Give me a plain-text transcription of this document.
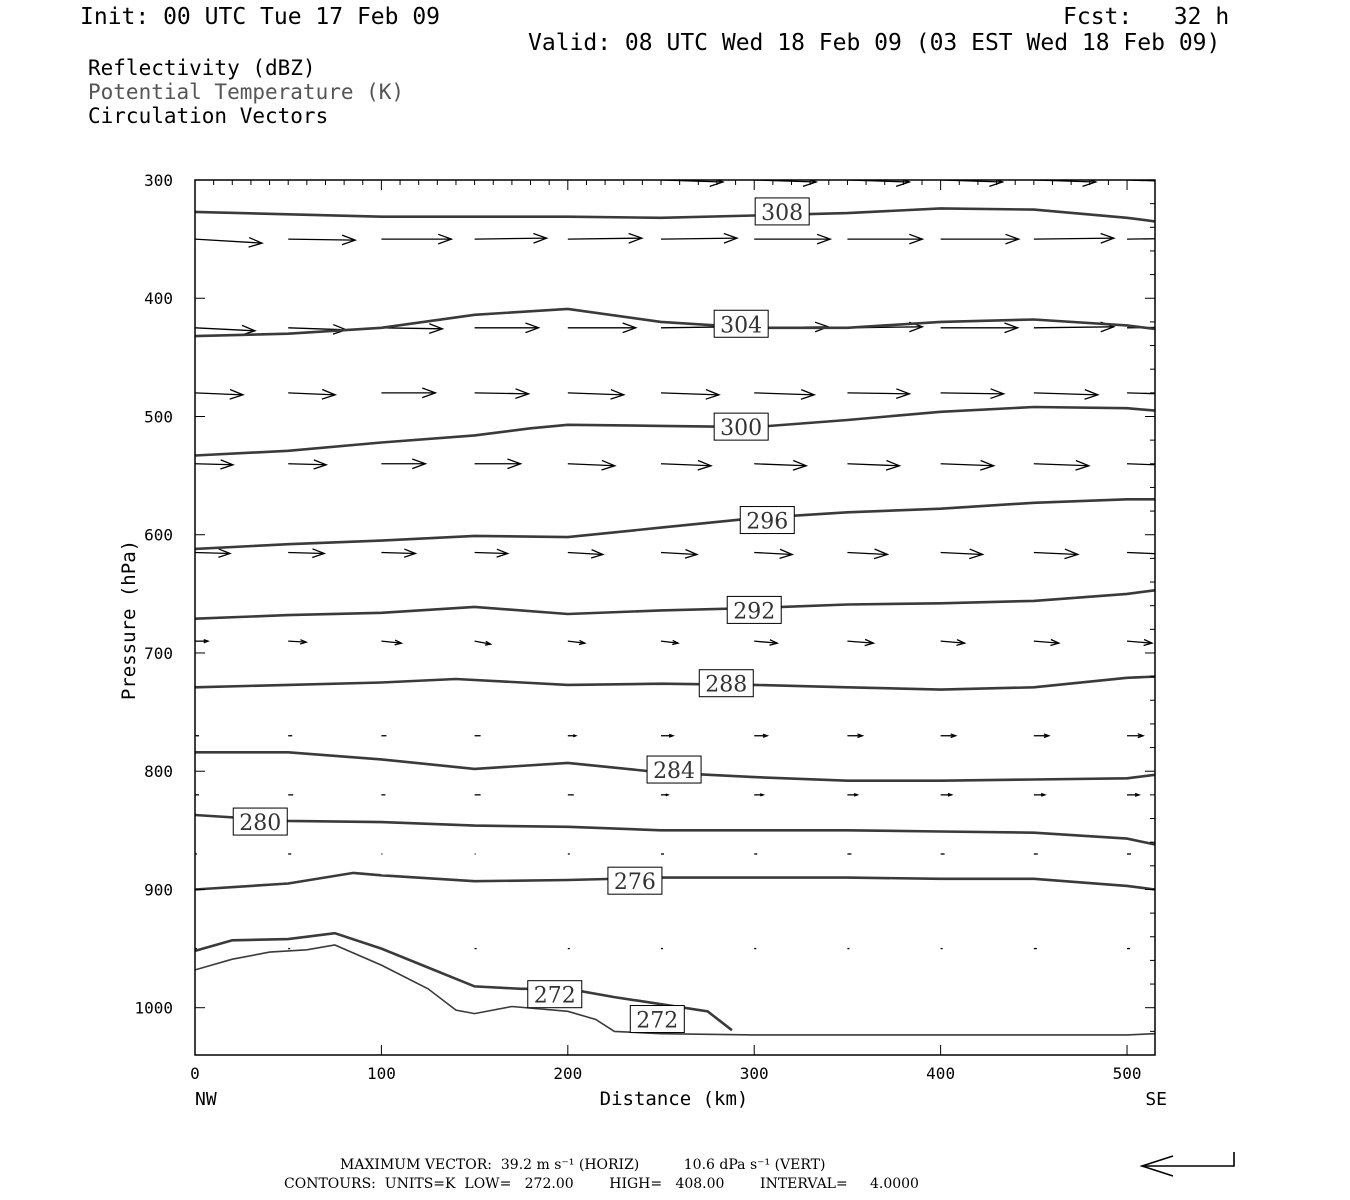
Init: 00 UTC Tue 17 Feb 09	Fcst:   32 h
Valid: 08 UTC Wed 18 Feb 09 (03 EST Wed 18 Feb 09)
Reflectivity (dBZ)
Potential Temperature (K)
Circulation Vectors
308
304
300
296
292
288
284
280
276
272
272
0	100	200	300	400	500
300
400
500
600
700
800
900
1000
Distance (km)
Pressure (hPa)
NW	SE
MAXIMUM VECTOR:  39.2 m s⁻¹ (HORIZ)          10.6 dPa s⁻¹ (VERT)
CONTOURS:  UNITS=K  LOW=   272.00        HIGH=   408.00        INTERVAL=     4.0000
